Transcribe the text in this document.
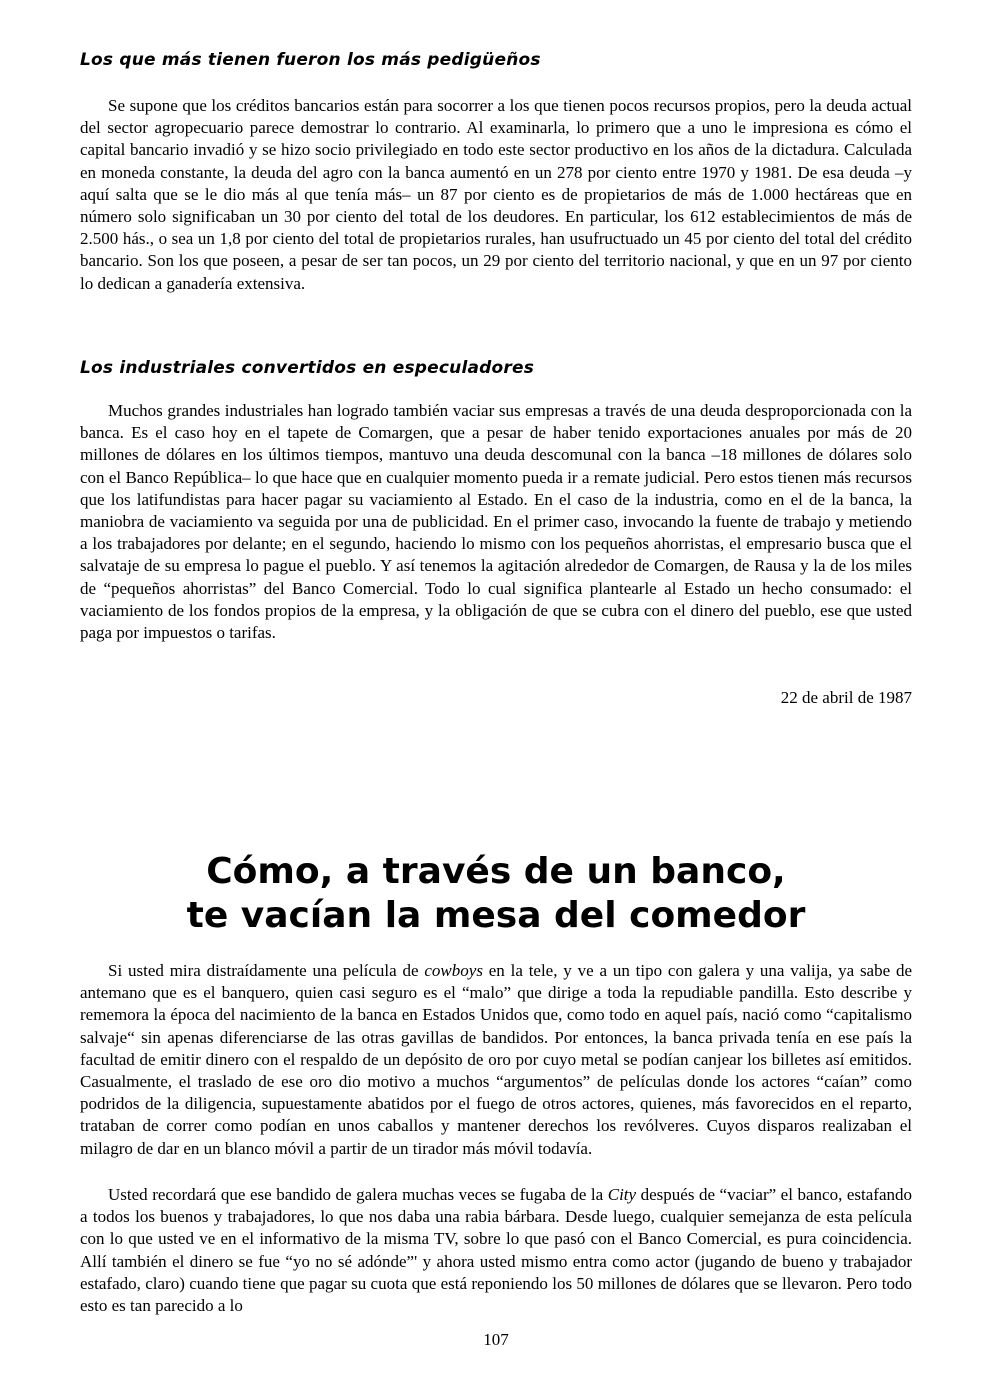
Los que más tienen fueron los más pedigüeños

Se supone que los créditos bancarios están para socorrer a los que tienen pocos recursos propios, pero la deuda actual del sector agropecuario parece demostrar lo contrario. Al examinarla, lo primero que a uno le impresiona es cómo el capital bancario invadió y se hizo socio privilegiado en todo este sector productivo en los años de la dictadura. Calculada en moneda constante, la deuda del agro con la banca aumentó en un 278 por ciento entre 1970 y 1981. De esa deuda –y aquí salta que se le dio más al que tenía más– un 87 por ciento es de propietarios de más de 1.000 hectáreas que en número solo significaban un 30 por ciento del total de los deudores. En particular, los 612 establecimientos de más de 2.500 hás., o sea un 1,8 por ciento del total de propietarios rurales, han usufructuado un 45 por ciento del total del crédito bancario. Son los que poseen, a pesar de ser tan pocos, un 29 por ciento del territorio nacional, y que en un 97 por ciento lo dedican a ganadería extensiva.

Los industriales convertidos en especuladores

Muchos grandes industriales han logrado también vaciar sus empresas a través de una deuda desproporcionada con la banca. Es el caso hoy en el tapete de Comargen, que a pesar de haber tenido exportaciones anuales por más de 20 millones de dólares en los últimos tiempos, mantuvo una deuda descomunal con la banca –18 millones de dólares solo con el Banco República– lo que hace que en cualquier momento pueda ir a remate judicial. Pero estos tienen más recursos que los latifundistas para hacer pagar su vaciamiento al Estado. En el caso de la industria, como en el de la banca, la maniobra de vaciamiento va seguida por una de publicidad. En el primer caso, invocando la fuente de trabajo y metiendo a los trabajadores por delante; en el segundo, haciendo lo mismo con los pequeños ahorristas, el empresario busca que el salvataje de su empresa lo pague el pueblo. Y así tenemos la agitación alrededor de Comargen, de Rausa y la de los miles de “pequeños ahorristas” del Banco Comercial. Todo lo cual significa plantearle al Estado un hecho consumado: el vaciamiento de los fondos propios de la empresa, y la obligación de que se cubra con el dinero del pueblo, ese que usted paga por impuestos o tarifas.

22 de abril de 1987

Cómo, a través de un banco,
te vacían la mesa del comedor

Si usted mira distraídamente una película de cowboys en la tele, y ve a un tipo con galera y una valija, ya sabe de antemano que es el banquero, quien casi seguro es el “malo” que dirige a toda la repudiable pandilla. Esto describe y rememora la época del nacimiento de la banca en Estados Unidos que, como todo en aquel país, nació como “capitalismo salvaje“ sin apenas diferenciarse de las otras gavillas de bandidos. Por entonces, la banca privada tenía en ese país la facultad de emitir dinero con el respaldo de un depósito de oro por cuyo metal se podían canjear los billetes así emitidos. Casualmente, el traslado de ese oro dio motivo a muchos “argumentos” de películas donde los actores “caían” como podridos de la diligencia, supuestamente abatidos por el fuego de otros actores, quienes, más favorecidos en el reparto, trataban de correr como podían en unos caballos y mantener derechos los revólveres. Cuyos disparos realizaban el milagro de dar en un blanco móvil a partir de un tirador más móvil todavía.

Usted recordará que ese bandido de galera muchas veces se fugaba de la City después de “vaciar” el banco, estafando a todos los buenos y trabajadores, lo que nos daba una rabia bárbara. Desde luego, cualquier semejanza de esta película con lo que usted ve en el informativo de la misma TV, sobre lo que pasó con el Banco Comercial, es pura coincidencia. Allí también el dinero se fue “yo no sé adónde”' y ahora usted mismo entra como actor (jugando de bueno y trabajador estafado, claro) cuando tiene que pagar su cuota que está reponiendo los 50 millones de dólares que se llevaron. Pero todo esto es tan parecido a lo

107
